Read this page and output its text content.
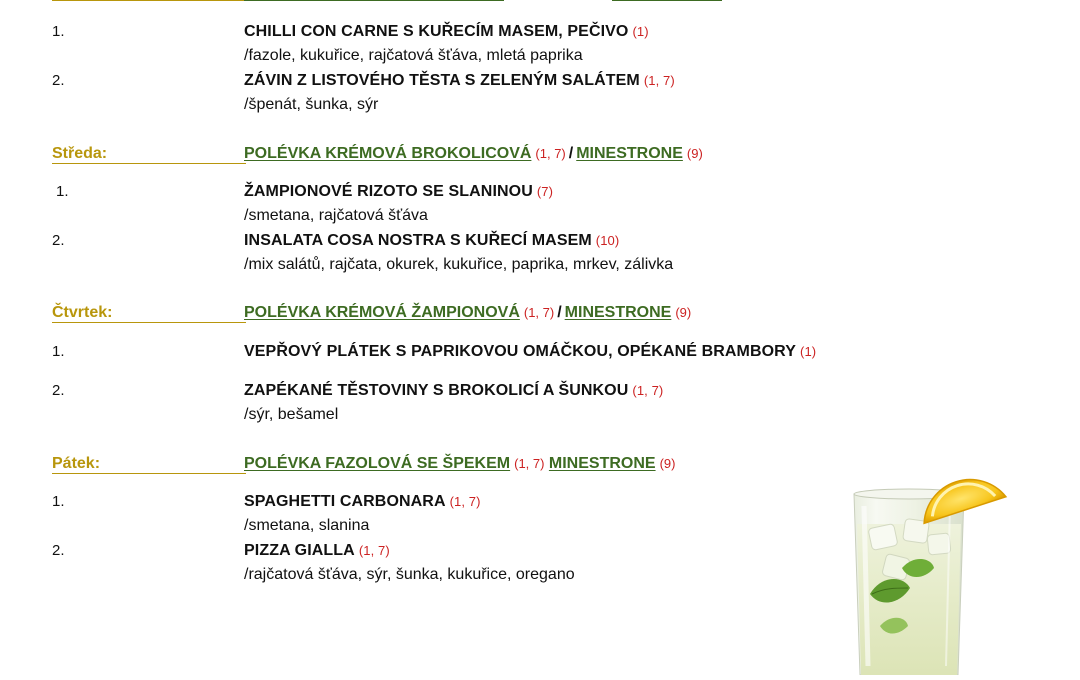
1.	CHILLI CON CARNE S KUŘECÍM MASEM, PEČIVO (1)
/fazole, kukuřice, rajčatová šťáva, mletá paprika
2.	ZÁVIN Z LISTOVÉHO TĚSTA S ZELENÝM SALÁTEM (1, 7)
/špenát, šunka, sýr
Středa:	POLÉVKA KRÉMOVÁ BROKOLICOVÁ (1, 7) / MINESTRONE (9)
1.	ŽAMPIONOVÉ RIZOTO SE SLANINOU (7)
/smetana, rajčatová šťáva
2.	INSALATA COSA NOSTRA S KUŘECÍ MASEM (10)
/mix salátů, rajčata, okurek, kukuřice, paprika, mrkev, zálivka
Čtvrtek:	POLÉVKA KRÉMOVÁ ŽAMPIONOVÁ (1, 7) / MINESTRONE (9)
1.	VEPŘOVÝ PLÁTEK S PAPRIKOVOU OMÁČKOU, OPÉKANÉ BRAMBORY (1)
2.	ZAPÉKANÉ TĚSTOVINY S BROKOLICÍ A ŠUNKOU (1, 7)
/sýr, bešamel
Pátek:	POLÉVKA FAZOLOVÁ SE ŠPEKEM (1, 7) MINESTRONE (9)
1.	SPAGHETTI CARBONARA (1, 7)
/smetana, slanina
2.	PIZZA GIALLA (1, 7)
/rajčatová šťáva, sýr, šunka, kukuřice, oregano
